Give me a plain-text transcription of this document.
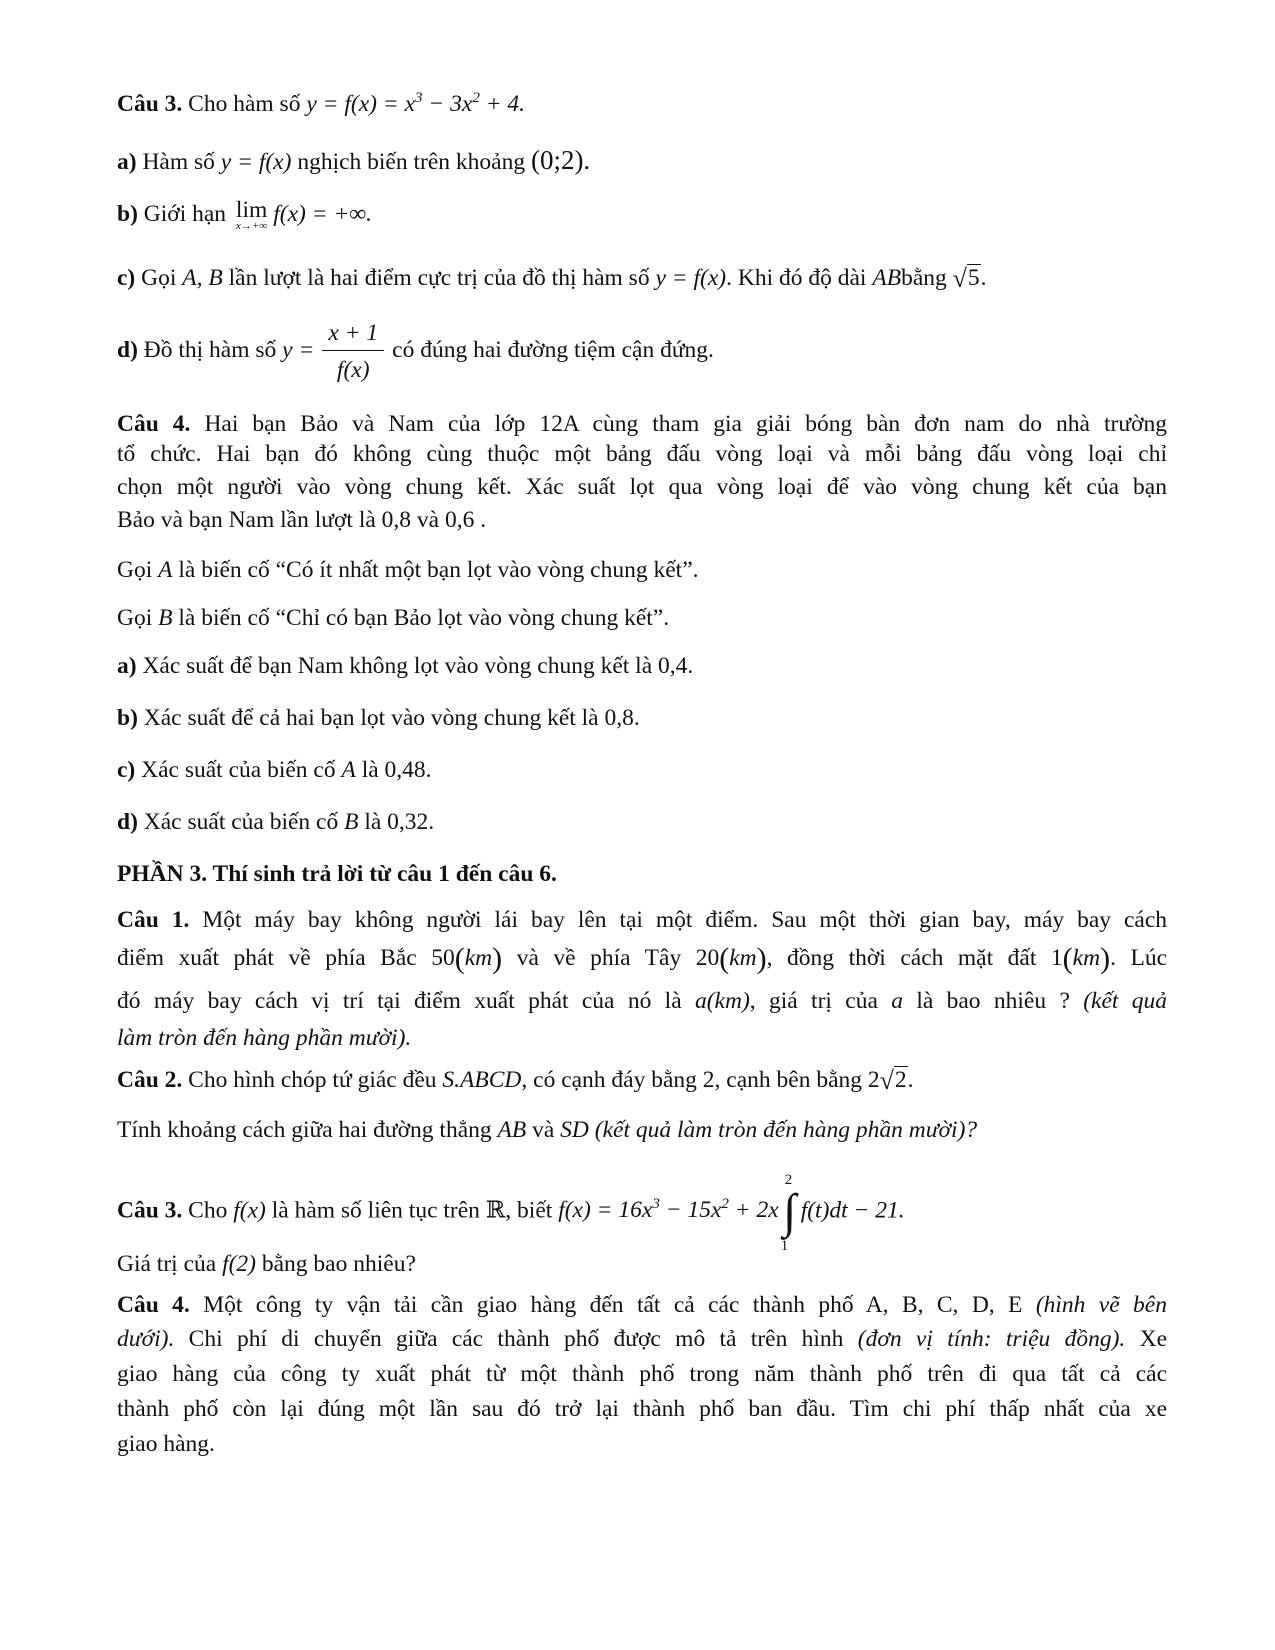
Câu 3. Cho hàm số $y = f(x) = x^3 - 3x^2 + 4$.
a) Hàm số y = f(x) nghịch biến trên khoảng (0;2).
b) Giới hạn lim
x→+∞ f(x) = +∞.
c) Gọi A, B lần lượt là hai điểm cực trị của đồ thị hàm số y = f(x). Khi đó độ dài ABbằng √5.
d) Đồ thị hàm số $y = \frac{x + 1}{f(x)}$ có đúng hai đường tiệm cận đứng.
Câu 4. Hai bạn Bảo và Nam của lớp 12A cùng tham gia giải bóng bàn đơn nam do nhà trường
tổ chức. Hai bạn đó không cùng thuộc một bảng đấu vòng loại và mỗi bảng đấu vòng loại chỉ
chọn một người vào vòng chung kết. Xác suất lọt qua vòng loại để vào vòng chung kết của bạn
Bảo và bạn Nam lần lượt là 0,8 và 0,6 .
Gọi A là biến cố “Có ít nhất một bạn lọt vào vòng chung kết”.
Gọi B là biến cố “Chỉ có bạn Bảo lọt vào vòng chung kết”.
a) Xác suất để bạn Nam không lọt vào vòng chung kết là 0,4.
b) Xác suất để cả hai bạn lọt vào vòng chung kết là 0,8.
c) Xác suất của biến cố A là 0,48.
d) Xác suất của biến cố B là 0,32.
PHẦN 3. Thí sinh trả lời từ câu 1 đến câu 6.
Câu 1. Một máy bay không người lái bay lên tại một điểm. Sau một thời gian bay, máy bay cách
điểm xuất phát về phía Bắc 50(km) và về phía Tây 20(km), đồng thời cách mặt đất 1(km). Lúc
đó máy bay cách vị trí tại điểm xuất phát của nó là a(km), giá trị của a là bao nhiêu ? (kết quả
làm tròn đến hàng phần mười).
Câu 2. Cho hình chóp tứ giác đều S.ABCD, có cạnh đáy bằng 2, cạnh bên bằng 2√2.
Tính khoảng cách giữa hai đường thẳng AB và SD (kết quả làm tròn đến hàng phần mười)?
Câu 3. Cho f(x) là hàm số liên tục trên ℝ, biết $f(x) = 16x^3 - 15x^2 + 2x$
2
∫
1
f(t)dt − 21.
Giá trị của f(2) bằng bao nhiêu?
Câu 4. Một công ty vận tải cần giao hàng đến tất cả các thành phố A, B, C, D, E (hình vẽ bên
dưới). Chi phí di chuyển giữa các thành phố được mô tả trên hình (đơn vị tính: triệu đồng). Xe
giao hàng của công ty xuất phát từ một thành phố trong năm thành phố trên đi qua tất cả các
thành phố còn lại đúng một lần sau đó trở lại thành phố ban đầu. Tìm chi phí thấp nhất của xe
giao hàng.
